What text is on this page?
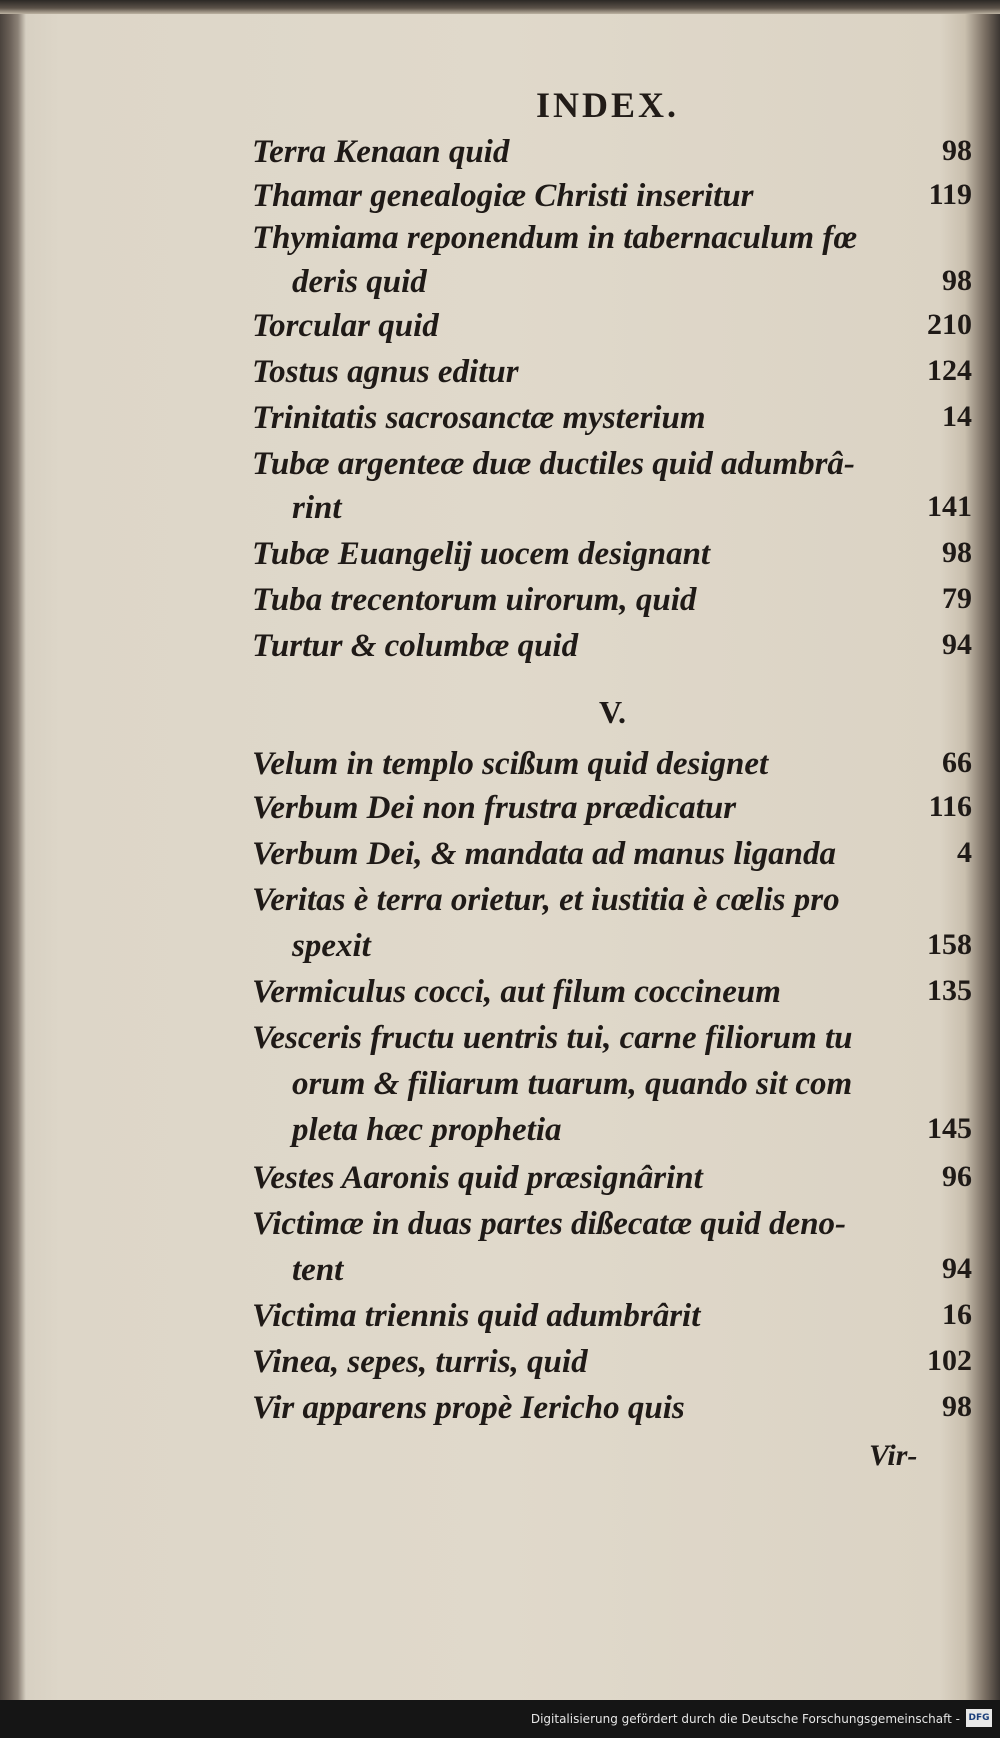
INDEX.
Terra Kenaan quid	98
Thamar genealogiæ Christi inseritur	119
Thymiama reponendum in tabernaculum fœ
deris quid	98
Torcular quid	210
Tostus agnus editur	124
Trinitatis sacrosanctæ mysterium	14
Tubæ argenteæ duæ ductiles quid adumbrâ-
rint	141
Tubæ Euangelij uocem designant	98
Tuba trecentorum uirorum, quid	79
Turtur & columbæ quid	94
V.
Velum in templo scißum quid designet	66
Verbum Dei non frustra prædicatur	116
Verbum Dei, & mandata ad manus liganda	4
Veritas è terra orietur, et iustitia è cœlis pro
spexit	158
Vermiculus cocci, aut filum coccineum	135
Vesceris fructu uentris tui, carne filiorum tu
orum & filiarum tuarum, quando sit com
pleta hæc prophetia	145
Vestes Aaronis quid præsignârint	96
Victimæ in duas partes dißecatæ quid deno-
tent	94
Victima triennis quid adumbrârit	16
Vinea, sepes, turris, quid	102
Vir apparens propè Iericho quis	98
Vir-
Digitalisierung gefördert durch die Deutsche Forschungsgemeinschaft - DFG
